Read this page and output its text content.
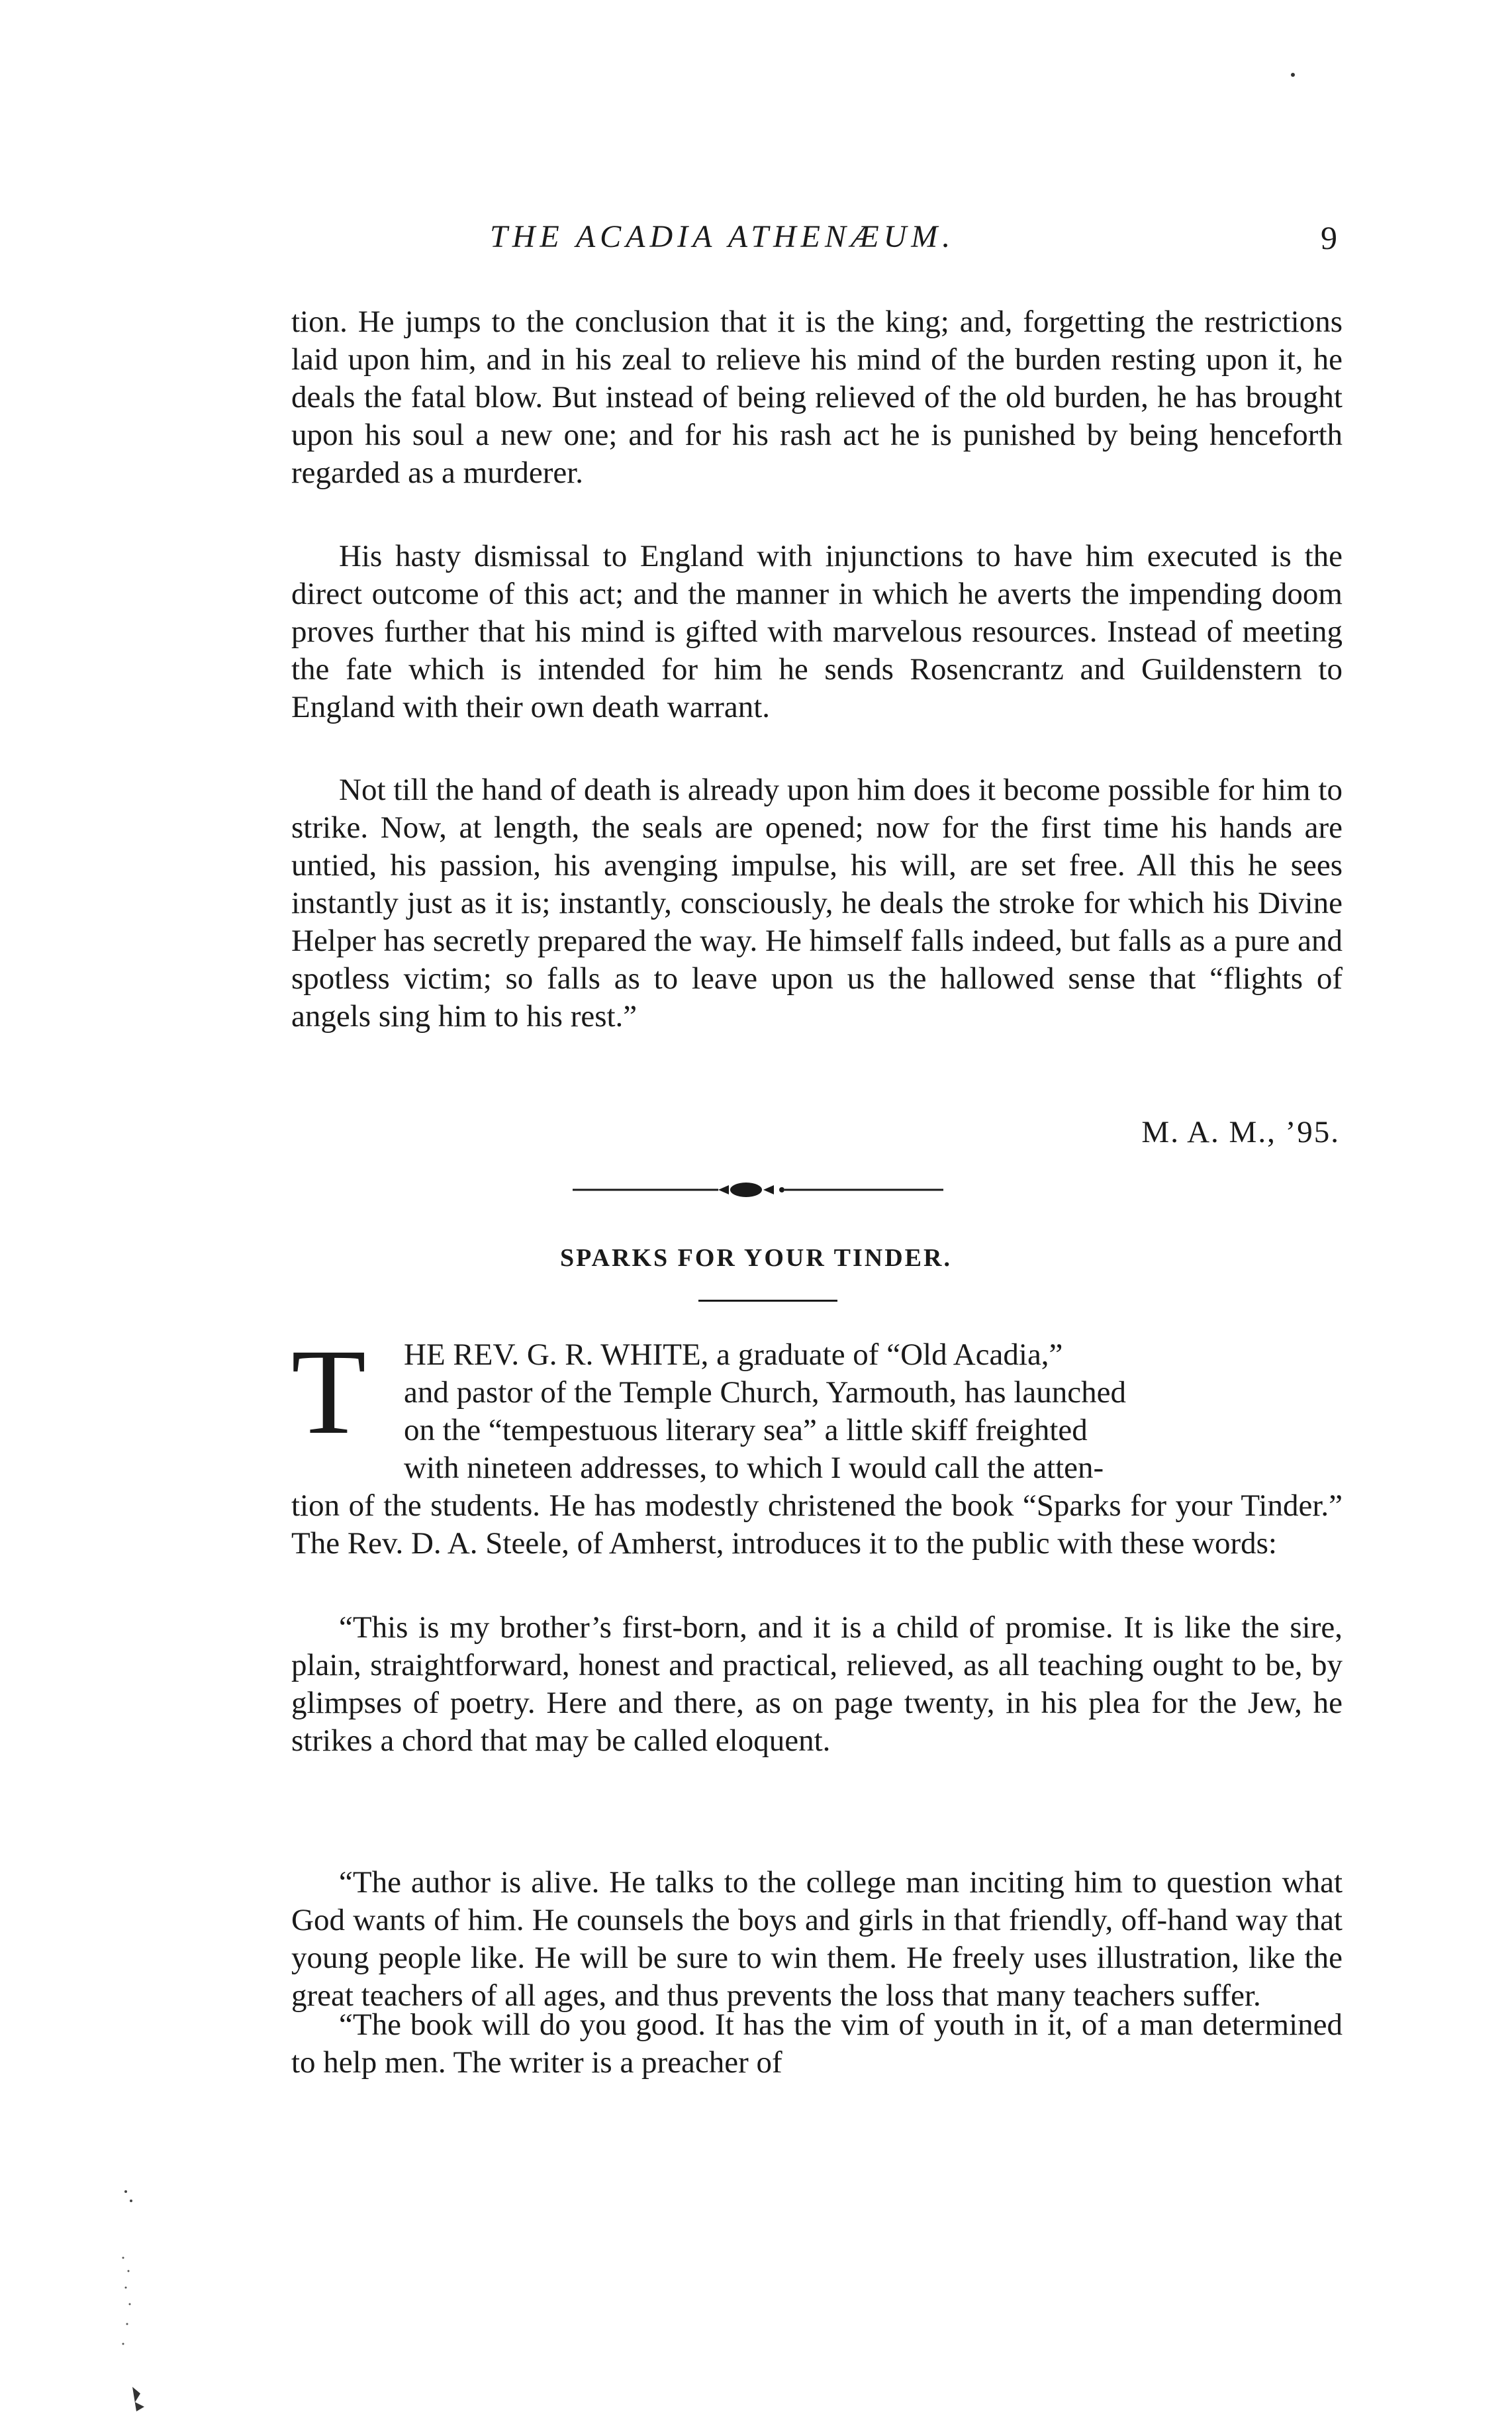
THE ACADIA ATHENÆUM.	9

tion. He jumps to the conclusion that it is the king; and, forgetting the restrictions laid upon him, and in his zeal to relieve his mind of the burden resting upon it, he deals the fatal blow. But instead of being relieved of the old burden, he has brought upon his soul a new one; and for his rash act he is punished by being henceforth regarded as a murderer.

His hasty dismissal to England with injunctions to have him executed is the direct outcome of this act; and the manner in which he averts the impending doom proves further that his mind is gifted with marvelous resources. Instead of meeting the fate which is intended for him he sends Rosencrantz and Guildenstern to England with their own death warrant.

Not till the hand of death is already upon him does it become possible for him to strike. Now, at length, the seals are opened; now for the first time his hands are untied, his passion, his avenging impulse, his will, are set free. All this he sees instantly just as it is; instantly, consciously, he deals the stroke for which his Divine Helper has secretly prepared the way. He himself falls indeed, but falls as a pure and spotless victim; so falls as to leave upon us the hallowed sense that “flights of angels sing him to his rest.”

M. A. M., ’95.
SPARKS FOR YOUR TINDER.
T HE REV. G. R. WHITE, a graduate of “Old Acadia,”

and pastor of the Temple Church, Yarmouth, has launched

on the “tempestuous literary sea” a little skiff freighted

with nineteen addresses, to which I would call the atten-

tion of the students. He has modestly christened the book “Sparks for your Tinder.” The Rev. D. A. Steele, of Amherst, introduces it to the public with these words:

“This is my brother’s first-born, and it is a child of promise. It is like the sire, plain, straightforward, honest and practical, relieved, as all teaching ought to be, by glimpses of poetry. Here and there, as on page twenty, in his plea for the Jew, he strikes a chord that may be called eloquent.

“The author is alive. He talks to the college man inciting him to question what God wants of him. He counsels the boys and girls in that friendly, off-hand way that young people like. He will be sure to win them. He freely uses illustration, like the great teachers of all ages, and thus prevents the loss that many teachers suffer.

“The book will do you good. It has the vim of youth in it, of a man determined to help men. The writer is a preacher of
